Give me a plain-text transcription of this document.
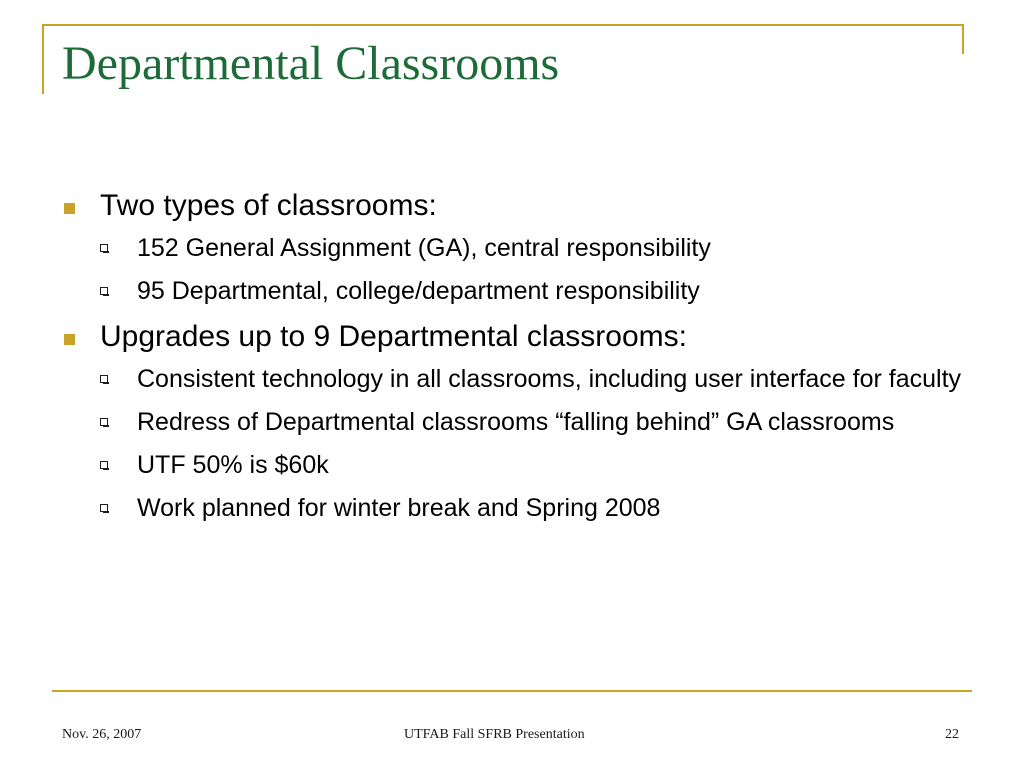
Departmental Classrooms
Two types of classrooms:
152 General Assignment (GA), central responsibility
95 Departmental, college/department responsibility
Upgrades up to 9 Departmental classrooms:
Consistent technology in all classrooms, including user interface for faculty
Redress of Departmental classrooms “falling behind” GA classrooms
UTF 50% is $60k
Work planned for winter break and Spring 2008
Nov. 26, 2007	UTFAB Fall SFRB Presentation	22
